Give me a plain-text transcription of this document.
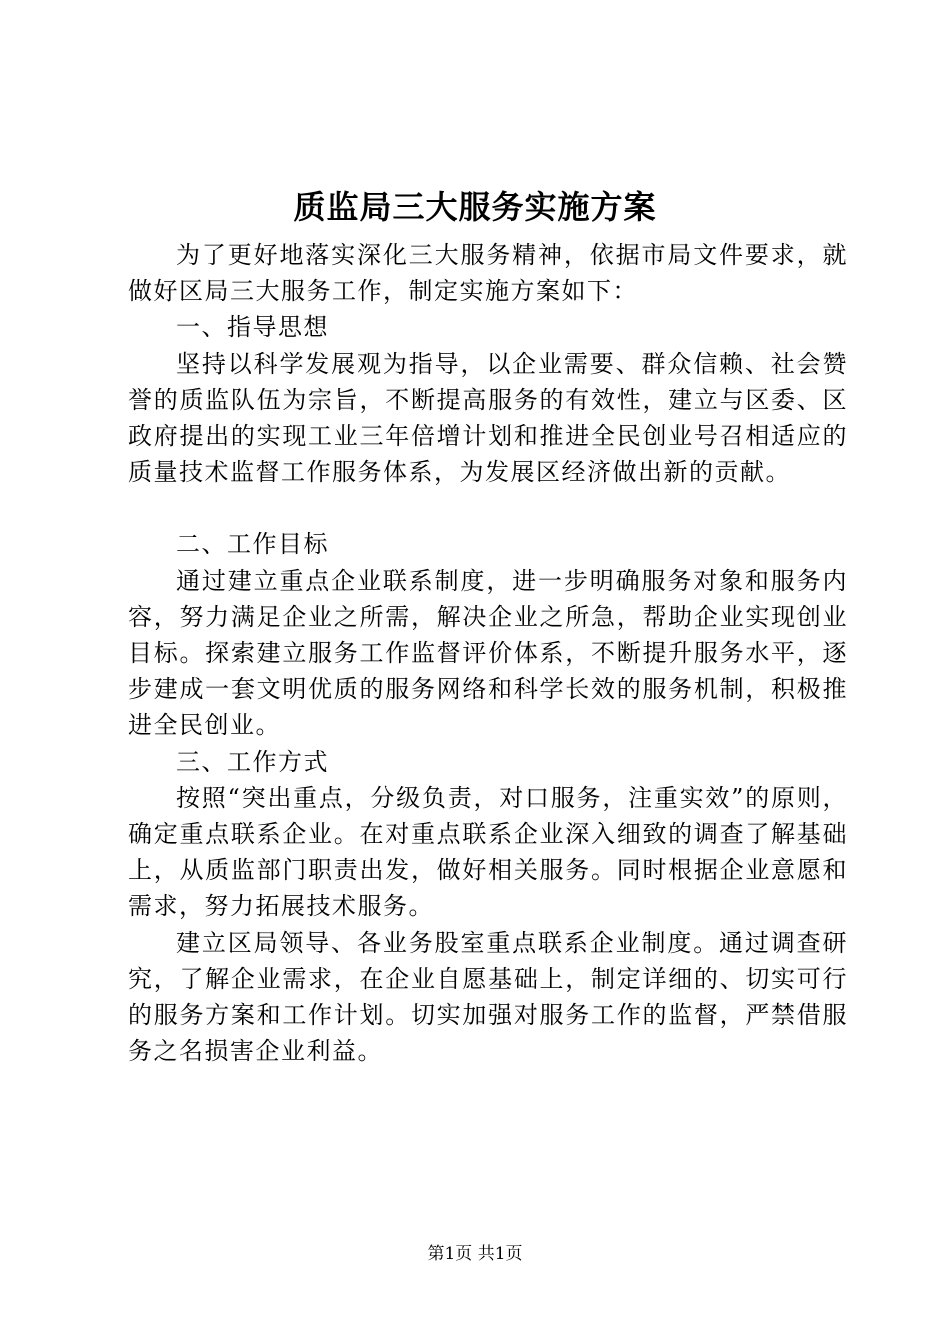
质监局三大服务实施方案

为了更好地落实深化三大服务精神，依据市局文件要求，就做好区局三大服务工作，制定实施方案如下：

一、指导思想

坚持以科学发展观为指导，以企业需要、群众信赖、社会赞誉的质监队伍为宗旨，不断提高服务的有效性，建立与区委、区政府提出的实现工业三年倍增计划和推进全民创业号召相适应的质量技术监督工作服务体系，为发展区经济做出新的贡献。

二、工作目标

通过建立重点企业联系制度，进一步明确服务对象和服务内容，努力满足企业之所需，解决企业之所急，帮助企业实现创业目标。探索建立服务工作监督评价体系，不断提升服务水平，逐步建成一套文明优质的服务网络和科学长效的服务机制，积极推进全民创业。

三、工作方式

按照“突出重点，分级负责，对口服务，注重实效”的原则，确定重点联系企业。在对重点联系企业深入细致的调查了解基础上，从质监部门职责出发，做好相关服务。同时根据企业意愿和需求，努力拓展技术服务。

建立区局领导、各业务股室重点联系企业制度。通过调查研究，了解企业需求，在企业自愿基础上，制定详细的、切实可行的服务方案和工作计划。切实加强对服务工作的监督，严禁借服务之名损害企业利益。

第1页 共1页
